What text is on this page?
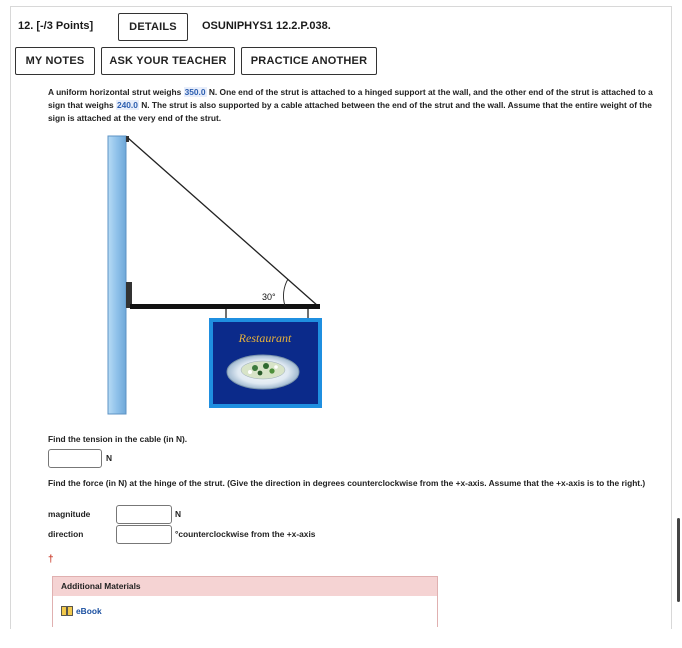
12. [-/3 Points]	DETAILS	OSUNIPHYS1 12.2.P.038.
MY NOTES	ASK YOUR TEACHER	PRACTICE ANOTHER
A uniform horizontal strut weighs 350.0 N. One end of the strut is attached to a hinged support at the wall, and the other end of the strut is attached to a sign that weighs 240.0 N. The strut is also supported by a cable attached between the end of the strut and the wall. Assume that the entire weight of the sign is attached at the very end of the strut.
30°
Restaurant
Find the tension in the cable (in N).
N
Find the force (in N) at the hinge of the strut. (Give the direction in degrees counterclockwise from the +x-axis. Assume that the +x-axis is to the right.)
magnitude	N
direction	°counterclockwise from the +x-axis
†
Additional Materials
eBook
